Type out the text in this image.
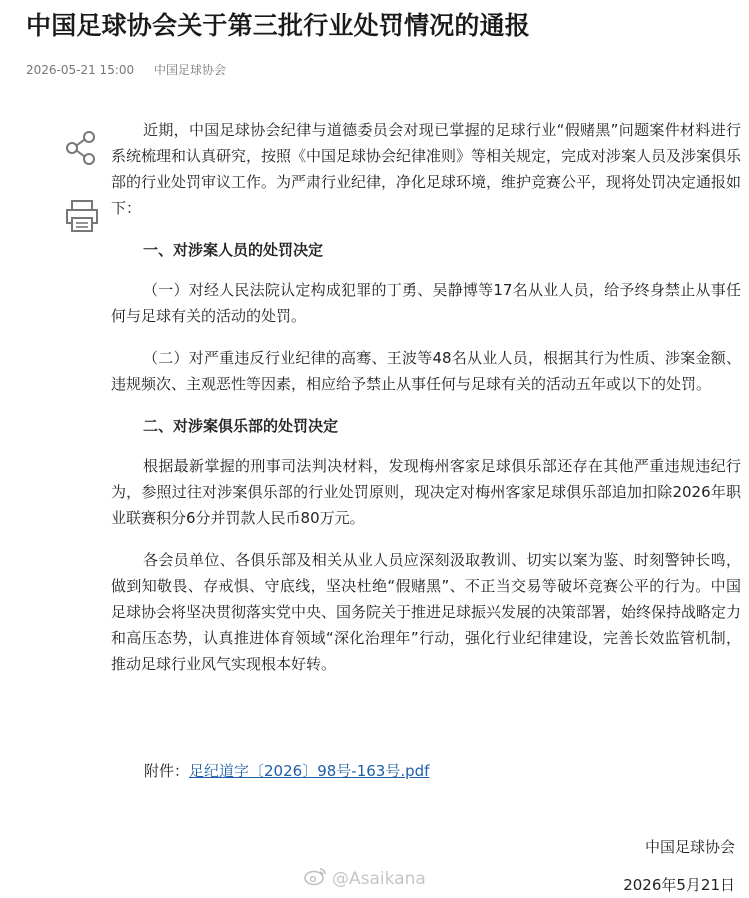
中国足球协会关于第三批行业处罚情况的通报
2026-05-21 15:00 中国足球协会

近期，中国足球协会纪律与道德委员会对现已掌握的足球行业“假赌黑”问题案件材料进行系统梳理和认真研究，按照《中国足球协会纪律准则》等相关规定，完成对涉案人员及涉案俱乐部的行业处罚审议工作。为严肃行业纪律，净化足球环境，维护竞赛公平，现将处罚决定通报如下：

一、对涉案人员的处罚决定

（一）对经人民法院认定构成犯罪的丁勇、吴静博等17名从业人员，给予终身禁止从事任何与足球有关的活动的处罚。

（二）对严重违反行业纪律的高骞、王波等48名从业人员，根据其行为性质、涉案金额、违规频次、主观恶性等因素，相应给予禁止从事任何与足球有关的活动五年或以下的处罚。

二、对涉案俱乐部的处罚决定

根据最新掌握的刑事司法判决材料，发现梅州客家足球俱乐部还存在其他严重违规违纪行为，参照过往对涉案俱乐部的行业处罚原则，现决定对梅州客家足球俱乐部追加扣除2026年职业联赛积分6分并罚款人民币80万元。

各会员单位、各俱乐部及相关从业人员应深刻汲取教训、切实以案为鉴、时刻警钟长鸣，做到知敬畏、存戒惧、守底线，坚决杜绝“假赌黑”、不正当交易等破坏竞赛公平的行为。中国足球协会将坚决贯彻落实党中央、国务院关于推进足球振兴发展的决策部署，始终保持战略定力和高压态势，认真推进体育领域“深化治理年”行动，强化行业纪律建设，完善长效监管机制，推动足球行业风气实现根本好转。

附件：足纪道字〔2026〕98号-163号.pdf
中国足球协会
@Asaikana	2026年5月21日
